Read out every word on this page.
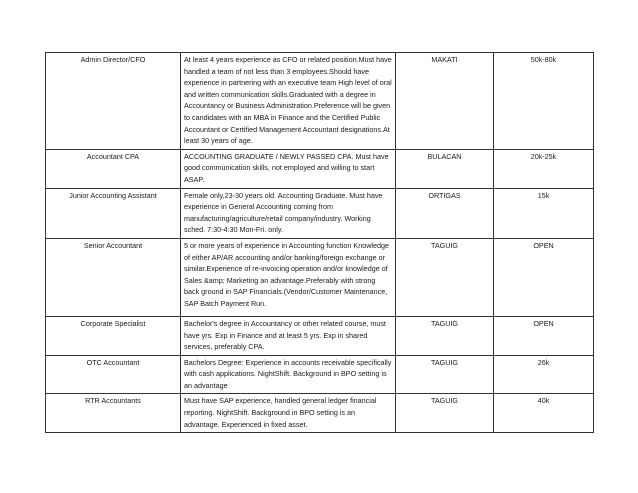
Admin Director/CFO	At least 4 years experience as CFO or related position.Must have handled a team of not less than 3 employees.Should have experience in partnering with an executive team High level of oral and written communication skills.Graduated with a degree in Accountancy or Business Administration.Preference will be given to candidates with an MBA in Finance and the Certified Public Accountant or Certified Management Accountant designations.At least 30 years of age.	MAKATI	50k-80k
Accountant CPA	ACCOUNTING GRADUATE / NEWLY PASSED CPA. Must have good communication skills, not employed and willing to start ASAP.	BULACAN	20k-25k
Junior Accounting Assistant	Female only,23-30 years old. Accounting Graduate. Must have experience in General Accounting coming from manufacturing/agriculture/retail company/industry. Working sched. 7:30-4:30 Mon-Fri. only.	ORTIGAS	15k
Senior Accountant	5 or more years of experience in Accounting function Knowledge of either AP/AR accounting and/or banking/foreign exchange or similar.Experience of re-invoicing operation and/or knowledge of Sales &amp; Marketing an advantage.Preferably with strong back ground in SAP Financials.(Vendor/Customer Maintenance, SAP Batch Payment Run.	TAGUIG	OPEN
Corporate Specialist	Bachelor's degree in Accountancy or other related course, must have yrs. Exp in Finance and at least 5 yrs. Exp in shared services, preferably CPA.	TAGUIG	OPEN
OTC Accountant	Bachelors Degree: Experience in accounts receivable specifically with cash applications. NightShift. Background in BPO setting is an advantage	TAGUIG	26k
RTR Accountants	Must have SAP experience, handled general ledger financial reporting. NightShift. Background in BPO setting is an advantage. Experienced in fixed asset.	TAGUIG	40k
